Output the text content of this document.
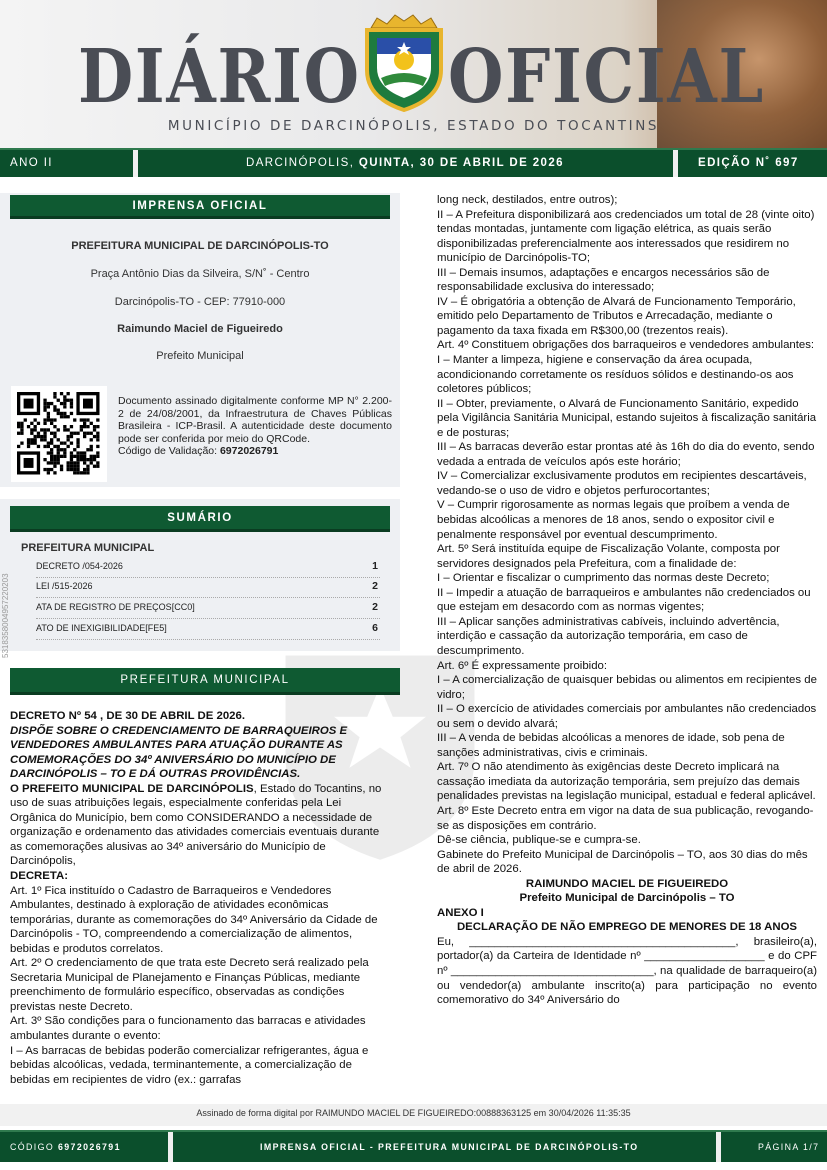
DIÁRIO OFICIAL
MUNICÍPIO DE DARCINÓPOLIS, ESTADO DO TOCANTINS
ANO II	DARCINÓPOLIS, QUINTA, 30 DE ABRIL DE 2026	EDIÇÃO N˚ 697
IMPRENSA OFICIAL
PREFEITURA MUNICIPAL DE DARCINÓPOLIS-TO
Praça Antônio Dias da Silveira, S/N˚ - Centro
Darcinópolis-TO - CEP: 77910-000
Raimundo Maciel de Figueiredo
Prefeito Municipal
Documento assinado digitalmente conforme MP N° 2.200- 2 de 24/08/2001, da Infraestrutura de Chaves Públicas Brasileira - ICP-Brasil. A autenticidade deste documento pode ser conferida por meio do QRCode.
Código de Validação: 6972026791
SUMÁRIO
PREFEITURA MUNICIPAL
DECRETO /054-2026	1
LEI /515-2026	2
ATA DE REGISTRO DE PREÇOS[CC0]	2
ATO DE INEXIGIBILIDADE[FE5]	6
5318358004957220203
PREFEITURA MUNICIPAL

DECRETO Nº 54 , DE 30 DE ABRIL DE 2026.

DISPÕE SOBRE O CREDENCIAMENTO DE BARRAQUEIROS E VENDEDORES AMBULANTES PARA ATUAÇÃO DURANTE AS COMEMORAÇÕES DO 34º ANIVERSÁRIO DO MUNICÍPIO DE DARCINÓPOLIS – TO E DÁ OUTRAS PROVIDÊNCIAS.

O PREFEITO MUNICIPAL DE DARCINÓPOLIS, Estado do Tocantins, no uso de suas atribuições legais, especialmente conferidas pela Lei Orgânica do Município, bem como CONSIDERANDO a necessidade de organização e ordenamento das atividades comerciais eventuais durante as comemorações alusivas ao 34º aniversário do Município de Darcinópolis,

DECRETA:

Art. 1º Fica instituído o Cadastro de Barraqueiros e Vendedores Ambulantes, destinado à exploração de atividades econômicas temporárias, durante as comemorações do 34º Aniversário da Cidade de Darcinópolis - TO, compreendendo a comercialização de alimentos, bebidas e produtos correlatos.

Art. 2º O credenciamento de que trata este Decreto será realizado pela Secretaria Municipal de Planejamento e Finanças Públicas, mediante preenchimento de formulário específico, observadas as condições previstas neste Decreto.

Art. 3º São condições para o funcionamento das barracas e atividades ambulantes durante o evento:

I – As barracas de bebidas poderão comercializar refrigerantes, água e bebidas alcoólicas, vedada, terminantemente, a comercialização de bebidas em recipientes de vidro (ex.: garrafas

long neck, destilados, entre outros);

II – A Prefeitura disponibilizará aos credenciados um total de 28 (vinte oito) tendas montadas, juntamente com ligação elétrica, as quais serão disponibilizadas preferencialmente aos interessados que residirem no município de Darcinópolis-TO;

III – Demais insumos, adaptações e encargos necessários são de responsabilidade exclusiva do interessado;

IV – É obrigatória a obtenção de Alvará de Funcionamento Temporário, emitido pelo Departamento de Tributos e Arrecadação, mediante o pagamento da taxa fixada em R$300,00 (trezentos reais).

Art. 4º Constituem obrigações dos barraqueiros e vendedores ambulantes:

I – Manter a limpeza, higiene e conservação da área ocupada, acondicionando corretamente os resíduos sólidos e destinando-os aos coletores públicos;

II – Obter, previamente, o Alvará de Funcionamento Sanitário, expedido pela Vigilância Sanitária Municipal, estando sujeitos à fiscalização sanitária e de posturas;

III – As barracas deverão estar prontas até às 16h do dia do evento, sendo vedada a entrada de veículos após este horário;

IV – Comercializar exclusivamente produtos em recipientes descartáveis, vedando-se o uso de vidro e objetos perfurocortantes;

V – Cumprir rigorosamente as normas legais que proíbem a venda de bebidas alcoólicas a menores de 18 anos, sendo o expositor civil e penalmente responsável por eventual descumprimento.

Art. 5º Será instituída equipe de Fiscalização Volante, composta por servidores designados pela Prefeitura, com a finalidade de:

I – Orientar e fiscalizar o cumprimento das normas deste Decreto;

II – Impedir a atuação de barraqueiros e ambulantes não credenciados ou que estejam em desacordo com as normas vigentes;

III – Aplicar sanções administrativas cabíveis, incluindo advertência, interdição e cassação da autorização temporária, em caso de descumprimento.

Art. 6º É expressamente proibido:

I – A comercialização de quaisquer bebidas ou alimentos em recipientes de vidro;

II – O exercício de atividades comerciais por ambulantes não credenciados ou sem o devido alvará;

III – A venda de bebidas alcoólicas a menores de idade, sob pena de sanções administrativas, civis e criminais.

Art. 7º O não atendimento às exigências deste Decreto implicará na cassação imediata da autorização temporária, sem prejuízo das demais penalidades previstas na legislação municipal, estadual e federal aplicável.

Art. 8º Este Decreto entra em vigor na data de sua publicação, revogando-se as disposições em contrário.

Dê-se ciência, publique-se e cumpra-se.

Gabinete do Prefeito Municipal de Darcinópolis – TO, aos 30 dias do mês de abril de 2026.

RAIMUNDO MACIEL DE FIGUEIREDO

Prefeito Municipal de Darcinópolis – TO

ANEXO I

DECLARAÇÃO DE NÃO EMPREGO DE MENORES DE 18 ANOS

Eu, __________________________________________, brasileiro(a), portador(a) da Carteira de Identidade nº ___________________ e do CPF nº ________________________________, na qualidade de barraqueiro(a) ou vendedor(a) ambulante inscrito(a) para participação no evento comemorativo do 34º Aniversário do

Assinado de forma digital por RAIMUNDO MACIEL DE FIGUEIREDO:00888363125 em 30/04/2026 11:35:35
CÓDIGO 6972026791	IMPRENSA OFICIAL - PREFEITURA MUNICIPAL DE DARCINÓPOLIS-TO	PÁGINA 1/7
